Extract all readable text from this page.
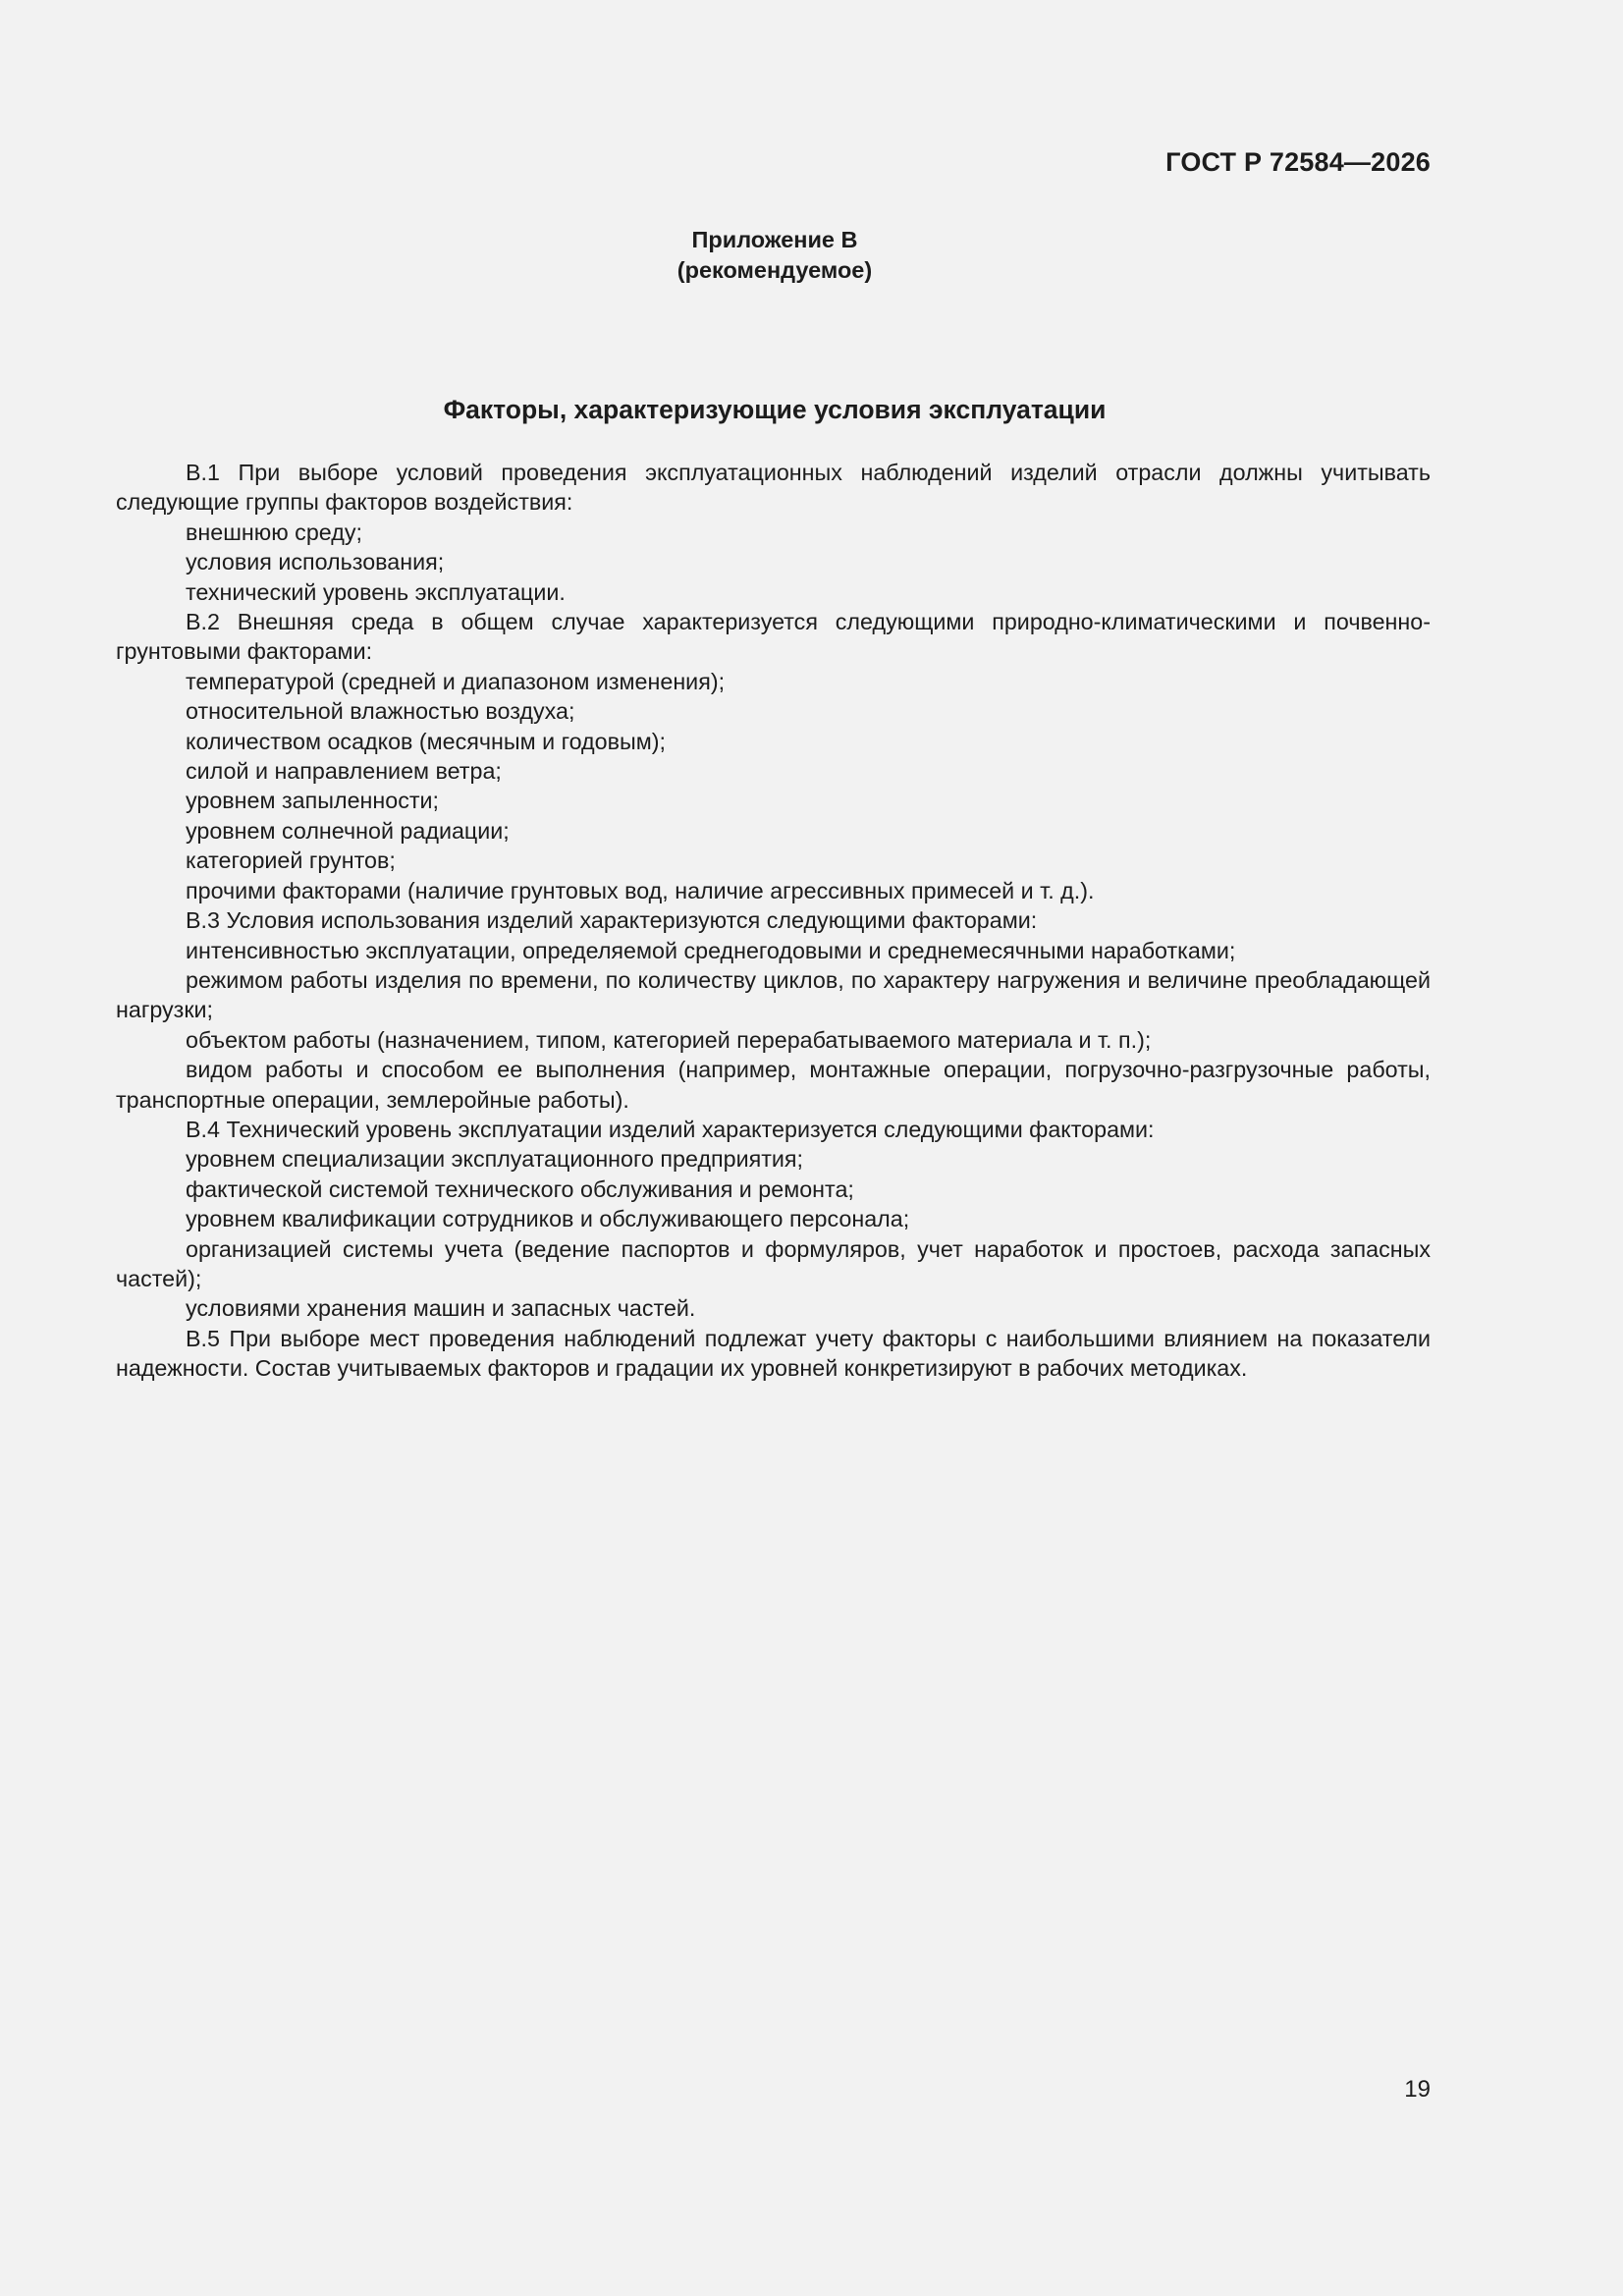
ГОСТ Р 72584—2026
Приложение В
(рекомендуемое)
Факторы, характеризующие условия эксплуатации

В.1 При выборе условий проведения эксплуатационных наблюдений изделий отрасли должны учитывать следующие группы факторов воздействия:

внешнюю среду;

условия использования;

технический уровень эксплуатации.

В.2 Внешняя среда в общем случае характеризуется следующими природно-климатическими и почвенно-грунтовыми факторами:

температурой (средней и диапазоном изменения);

относительной влажностью воздуха;

количеством осадков (месячным и годовым);

силой и направлением ветра;

уровнем запыленности;

уровнем солнечной радиации;

категорией грунтов;

прочими факторами (наличие грунтовых вод, наличие агрессивных примесей и т. д.).

В.3 Условия использования изделий характеризуются следующими факторами:

интенсивностью эксплуатации, определяемой среднегодовыми и среднемесячными наработками;

режимом работы изделия по времени, по количеству циклов, по характеру нагружения и величине преобладающей нагрузки;

объектом работы (назначением, типом, категорией перерабатываемого материала и т. п.);

видом работы и способом ее выполнения (например, монтажные операции, погрузочно-разгрузочные работы, транспортные операции, землеройные работы).

В.4 Технический уровень эксплуатации изделий характеризуется следующими факторами:

уровнем специализации эксплуатационного предприятия;

фактической системой технического обслуживания и ремонта;

уровнем квалификации сотрудников и обслуживающего персонала;

организацией системы учета (ведение паспортов и формуляров, учет наработок и простоев, расхода запасных частей);

условиями хранения машин и запасных частей.

В.5 При выборе мест проведения наблюдений подлежат учету факторы с наибольшими влиянием на показатели надежности. Состав учитываемых факторов и градации их уровней конкретизируют в рабочих методиках.

19
